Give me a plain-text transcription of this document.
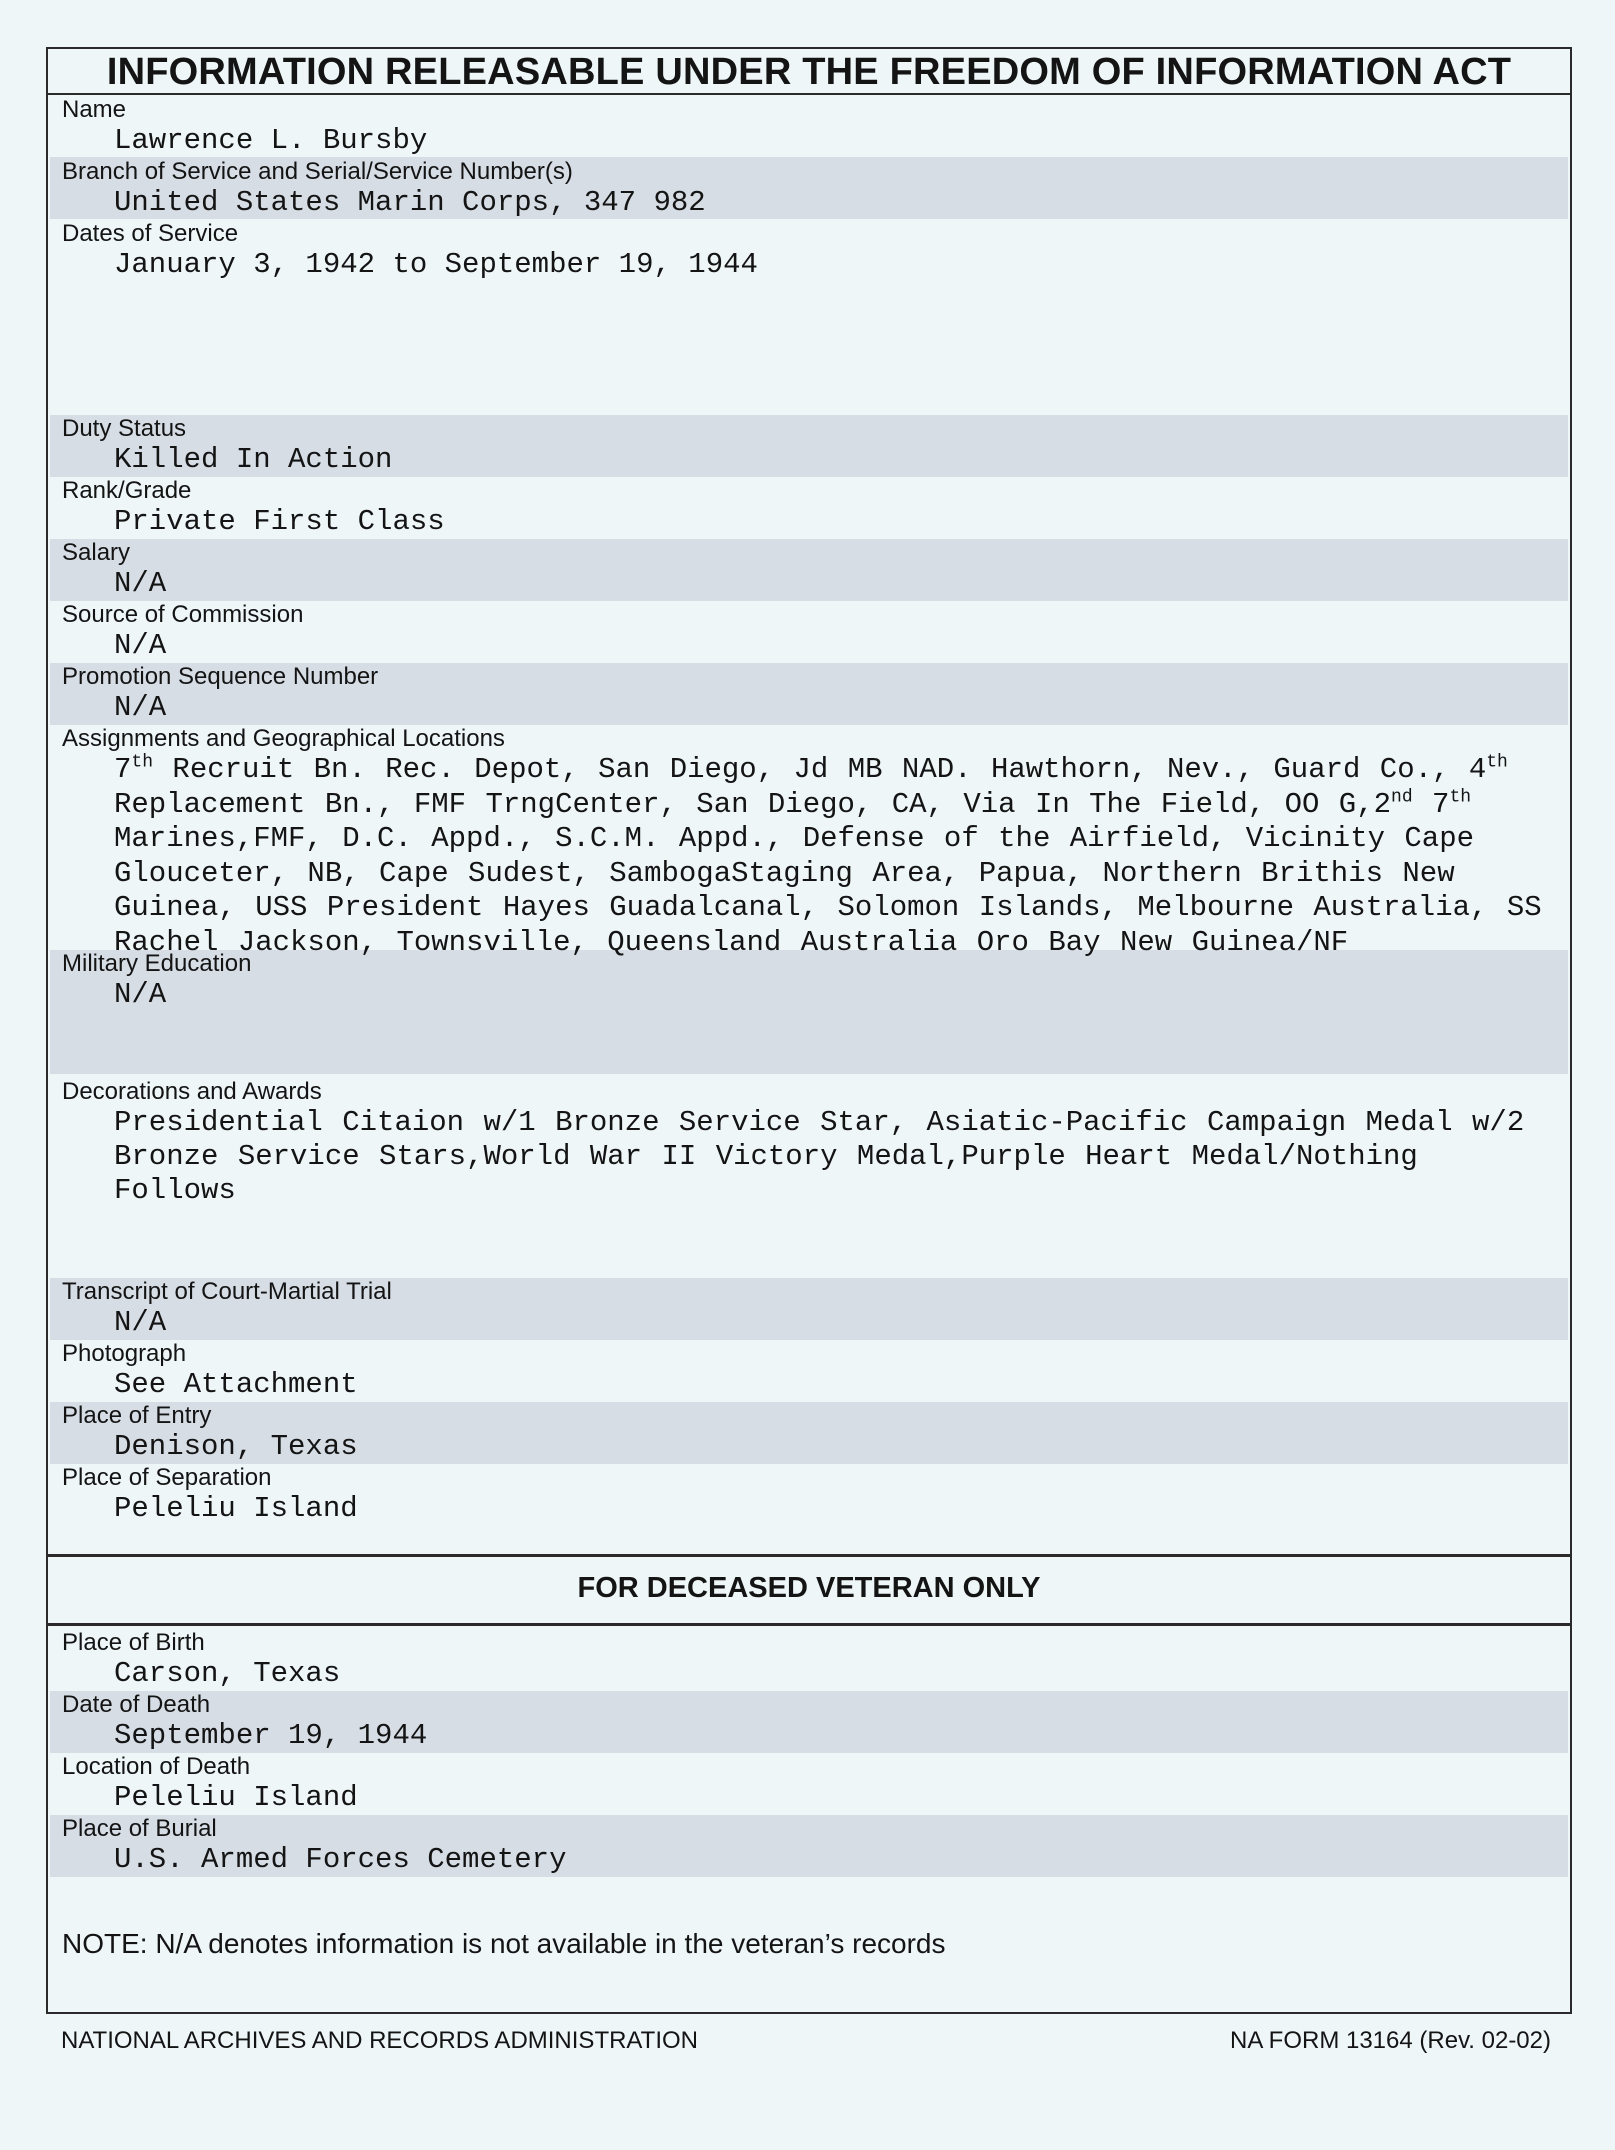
INFORMATION RELEASABLE UNDER THE FREEDOM OF INFORMATION ACT
Name
Lawrence L. Bursby
Branch of Service and Serial/Service Number(s)
United States Marin Corps, 347 982
Dates of Service
January 3, 1942 to September 19, 1944
Duty Status
Killed In Action
Rank/Grade
Private First Class
Salary
N/A
Source of Commission
N/A
Promotion Sequence Number
N/A
Assignments and Geographical Locations
7th Recruit Bn. Rec. Depot, San Diego, Jd MB NAD. Hawthorn, Nev., Guard Co., 4th Replacement Bn., FMF TrngCenter, San Diego, CA, Via In The Field, OO G,2nd 7th Marines,FMF, D.C. Appd., S.C.M. Appd., Defense of the Airfield, Vicinity Cape Glouceter, NB, Cape Sudest, SambogaStaging Area, Papua, Northern Brithis New Guinea, USS President Hayes Guadalcanal, Solomon Islands, Melbourne Australia, SS Rachel Jackson, Townsville, Queensland Australia Oro Bay New Guinea/NF
Military Education
N/A
Decorations and Awards
Presidential Citaion w/1 Bronze Service Star, Asiatic-Pacific Campaign Medal w/2 Bronze Service Stars,World War II Victory Medal,Purple Heart Medal/Nothing Follows
Transcript of Court-Martial Trial
N/A
Photograph
See Attachment
Place of Entry
Denison, Texas
Place of Separation
Peleliu Island
FOR DECEASED VETERAN ONLY
Place of Birth
Carson, Texas
Date of Death
September 19, 1944
Location of Death
Peleliu Island
Place of Burial
U.S. Armed Forces Cemetery
NOTE: N/A denotes information is not available in the veteran’s records
NATIONAL ARCHIVES AND RECORDS ADMINISTRATION	NA FORM 13164 (Rev. 02-02)
